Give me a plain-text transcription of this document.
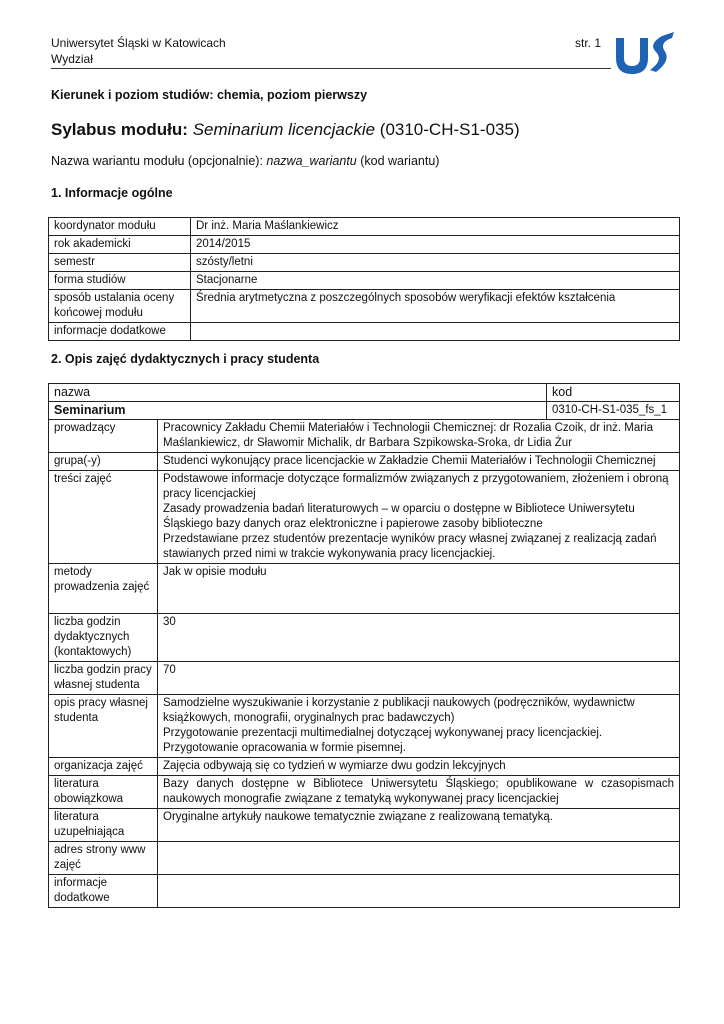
Uniwersytet Śląski w Katowicach
Wydział
str. 1
Kierunek i poziom studiów: chemia, poziom pierwszy
Sylabus modułu: Seminarium licencjackie (0310-CH-S1-035)
Nazwa wariantu modułu (opcjonalnie): nazwa_wariantu (kod wariantu)
1. Informacje ogólne
koordynator modułu	Dr inż. Maria Maślankiewicz
rok akademicki	2014/2015
semestr	szósty/letni
forma studiów	Stacjonarne
sposób ustalania oceny końcowej modułu	Średnia arytmetyczna z poszczególnych sposobów weryfikacji efektów kształcenia
informacje dodatkowe	
2. Opis zajęć dydaktycznych i pracy studenta
nazwa		kod
Seminarium		0310-CH-S1-035_fs_1
prowadzący	Pracownicy Zakładu Chemii Materiałów i Technologii Chemicznej: dr Rozalia Czoik, dr inż. Maria Maślankiewicz, dr Sławomir Michalik, dr Barbara Szpikowska-Sroka, dr Lidia Żur	
grupa(-y)	Studenci wykonujący prace licencjackie w Zakładzie Chemii Materiałów i Technologii Chemicznej	
treści zajęć	Podstawowe informacje dotyczące formalizmów związanych z przygotowaniem, złożeniem i obroną pracy licencjackiej
Zasady prowadzenia badań literaturowych – w oparciu o dostępne w Bibliotece Uniwersytetu Śląskiego bazy danych oraz elektroniczne i papierowe zasoby biblioteczne
Przedstawiane przez studentów prezentacje wyników pracy własnej związanej z realizacją zadań stawianych przed nimi w trakcie wykonywania pracy licencjackiej.	

metody prowadzenia zajęć	Jak w opisie modułu	
liczba godzin dydaktycznych (kontaktowych)	30	
liczba godzin pracy własnej studenta	70	
opis pracy własnej studenta	Samodzielne wyszukiwanie i korzystanie z publikacji naukowych (podręczników, wydawnictw książkowych, monografii, oryginalnych prac badawczych)
Przygotowanie prezentacji multimedialnej dotyczącej wykonywanej pracy licencjackiej.
Przygotowanie opracowania w formie pisemnej.	

organizacja zajęć	Zajęcia odbywają się co tydzień w wymiarze dwu godzin lekcyjnych	
literatura obowiązkowa	Bazy danych dostępne w Bibliotece Uniwersytetu Śląskiego; opublikowane w czasopismach naukowych monografie związane z tematyką wykonywanej pracy licencjackiej	
literatura uzupełniająca	Oryginalne artykuły naukowe tematycznie związane z realizowaną tematyką.	
adres strony www zajęć		
informacje dodatkowe		
